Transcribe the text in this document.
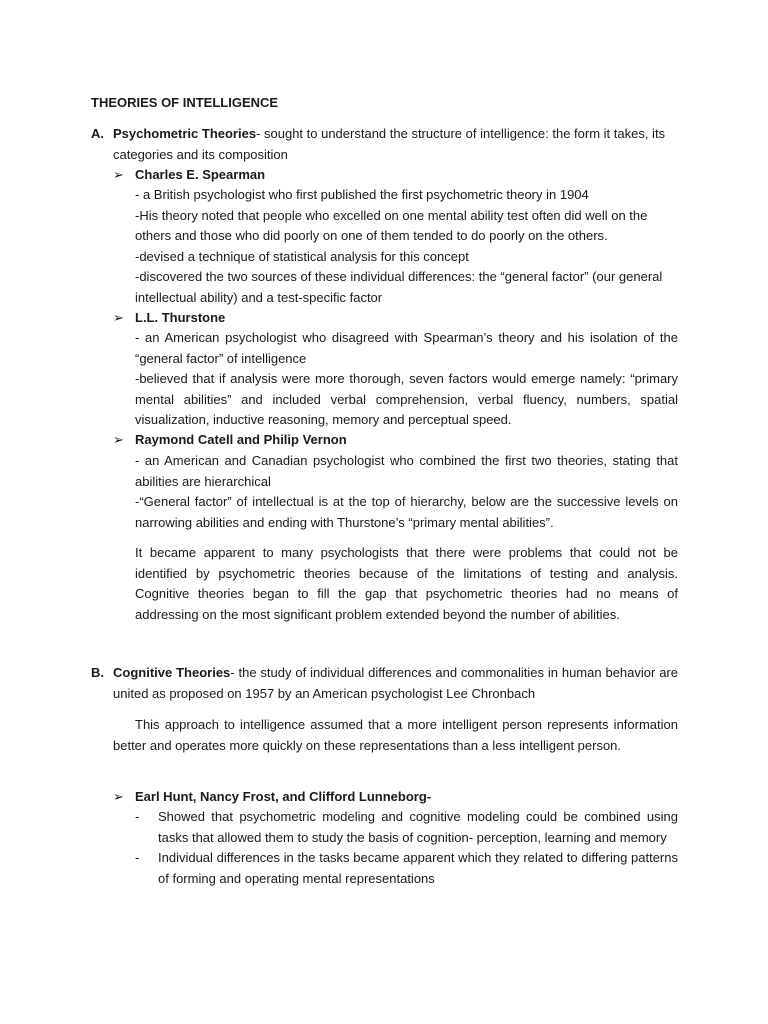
THEORIES OF INTELLIGENCE
A. Psychometric Theories- sought to understand the structure of intelligence: the form it takes, its categories and its composition
➢ Charles E. Spearman

- a British psychologist who first published the first psychometric theory in 1904

-His theory noted that people who excelled on one mental ability test often did well on the others and those who did poorly on one of them tended to do poorly on the others.

-devised a technique of statistical analysis for this concept

-discovered the two sources of these individual differences: the “general factor” (our general intellectual ability) and a test-specific factor

➢ L.L. Thurstone

- an American psychologist who disagreed with Spearman’s theory and his isolation of the “general factor” of intelligence

-believed that if analysis were more thorough, seven factors would emerge namely: “primary mental abilities” and included verbal comprehension, verbal fluency, numbers, spatial visualization, inductive reasoning, memory and perceptual speed.

➢ Raymond Catell and Philip Vernon

- an American and Canadian psychologist who combined the first two theories, stating that abilities are hierarchical

-“General factor” of intellectual is at the top of hierarchy, below are the successive levels on narrowing abilities and ending with Thurstone’s “primary mental abilities”.

It became apparent to many psychologists that there were problems that could not be identified by psychometric theories because of the limitations of testing and analysis. Cognitive theories began to fill the gap that psychometric theories had no means of addressing on the most significant problem extended beyond the number of abilities.
B. Cognitive Theories- the study of individual differences and commonalities in human behavior are united as proposed on 1957 by an American psychologist Lee Chronbach
This approach to intelligence assumed that a more intelligent person represents information better and operates more quickly on these representations than a less intelligent person.
➢ Earl Hunt, Nancy Frost, and Clifford Lunneborg-
- Showed that psychometric modeling and cognitive modeling could be combined using tasks that allowed them to study the basis of cognition- perception, learning and memory
- Individual differences in the tasks became apparent which they related to differing patterns of forming and operating mental representations
